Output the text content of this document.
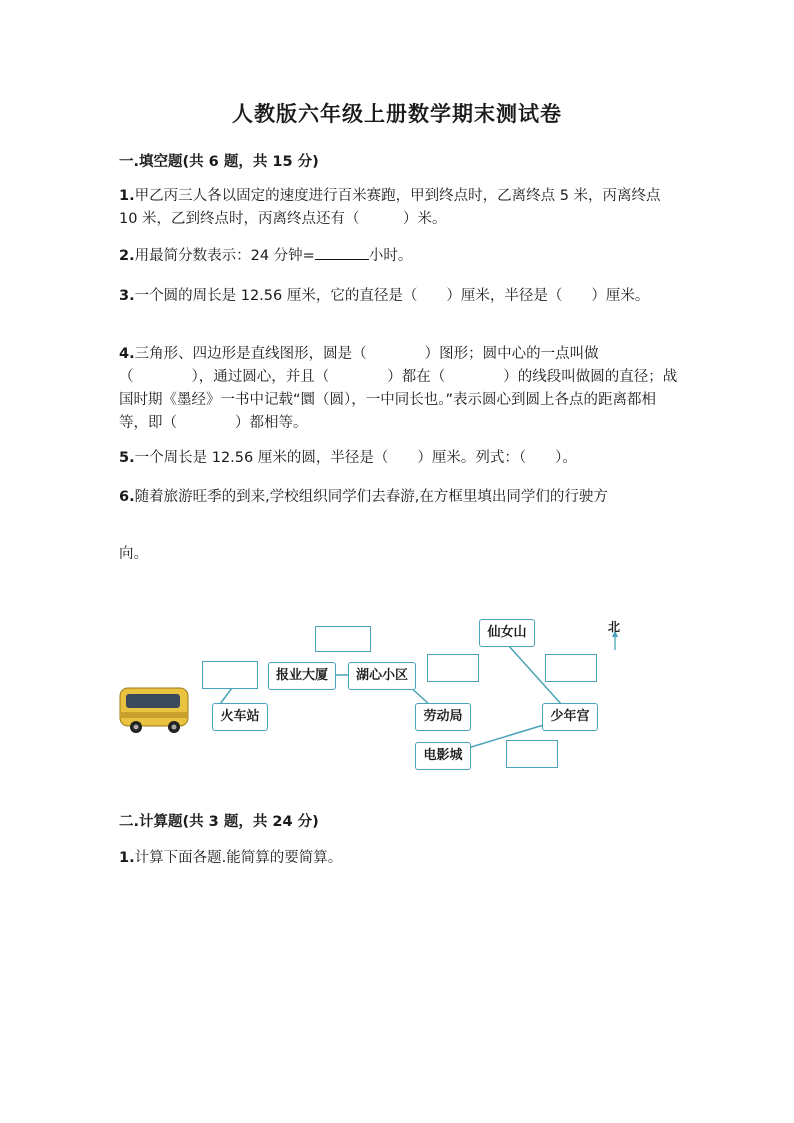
人教版六年级上册数学期末测试卷
一.填空题(共 6 题，共 15 分)
1.甲乙丙三人各以固定的速度进行百米赛跑，甲到终点时，乙离终点 5 米，丙离终点 10 米，乙到终点时，丙离终点还有（　　　）米。
2.用最简分数表示：24 分钟=	小时。
3.一个圆的周长是 12.56 厘米，它的直径是（　　）厘米，半径是（　　）厘米。
4.三角形、四边形是直线图形，圆是（　　　　）图形；圆中心的一点叫做（　　　　），通过圆心，并且（　　　　）都在（　　　　）的线段叫做圆的直径；战国时期《墨经》一书中记载“圜（圆），一中同长也。”表示圆心到圆上各点的距离都相等，即（　　　　）都相等。
5.一个周长是 12.56 厘米的圆，半径是（　　）厘米。列式：（　　）。
6.随着旅游旺季的到来,学校组织同学们去春游,在方框里填出同学们的行驶方
向。
报业大厦	湖心小区
仙女山
火车站	劳动局	少年宫
电影城
北
二.计算题(共 3 题，共 24 分)
1.计算下面各题.能简算的要简算。
